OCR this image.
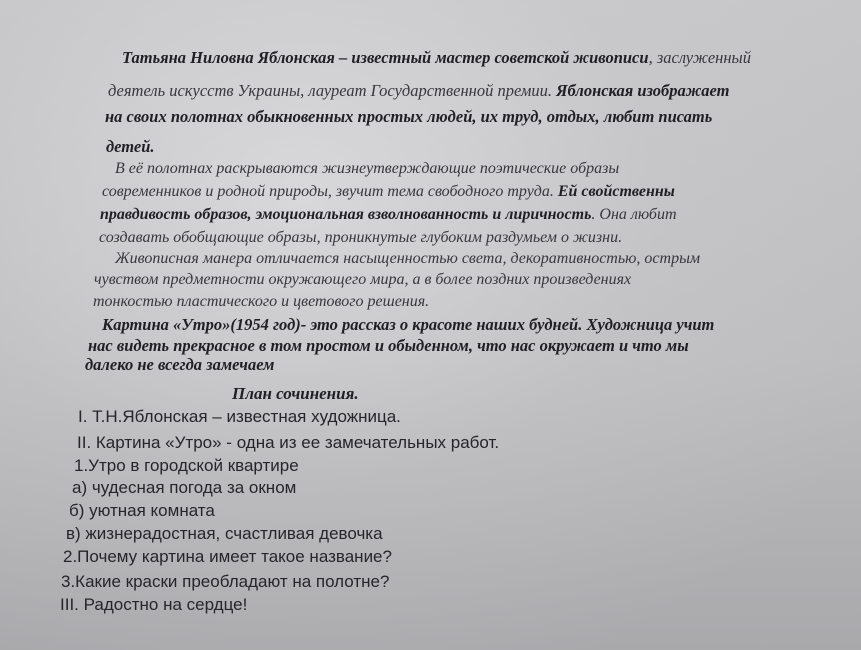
Татьяна Ниловна Яблонская – известный мастер советской живописи, заслуженный
деятель искусств Украины, лауреат Государственной премии. Яблонская изображает
на своих полотнах обыкновенных простых людей, их труд, отдых, любит писать
детей.
В её полотнах раскрываются жизнеутверждающие поэтические образы
современников и родной природы, звучит тема свободного труда. Ей свойственны
правдивость образов, эмоциональная взволнованность и лиричность. Она любит
создавать обобщающие образы, проникнутые глубоким раздумьем о жизни.
Живописная манера отличается насыщенностью света, декоративностью, острым
чувством предметности окружающего мира, а в более поздних произведениях
тонкостью пластического и цветового решения.
Картина «Утро»(1954 год)- это рассказ о красоте наших будней. Художница учит
нас видеть прекрасное в том простом и обыденном, что нас окружает и что мы
далеко не всегда замечаем
План сочинения.
I. Т.Н.Яблонская – известная художница.
II. Картина «Утро» - одна из ее замечательных работ.
1.Утро в городской квартире
а) чудесная погода за окном
б) уютная комната
в) жизнерадостная, счастливая девочка
2.Почему картина имеет такое название?
3.Какие краски преобладают на полотне?
III. Радостно на сердце!
